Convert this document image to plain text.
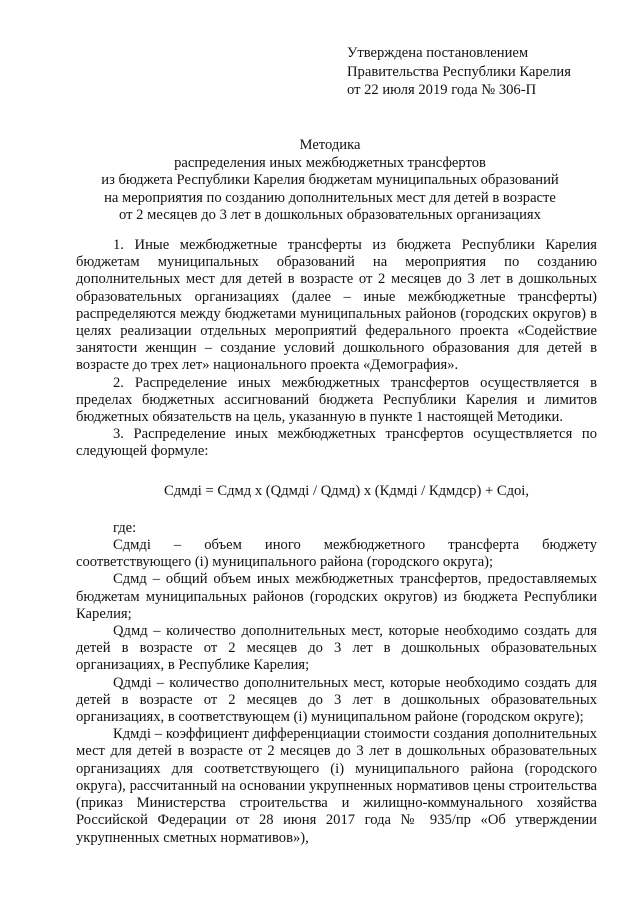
Утверждена постановлением
Правительства Республики Карелия
от 22 июля 2019 года № 306-П
Методика
распределения иных межбюджетных трансфертов
из бюджета Республики Карелия бюджетам муниципальных образований
на мероприятия по созданию дополнительных мест для детей в возрасте
от 2 месяцев до 3 лет в дошкольных образовательных организациях

1. Иные межбюджетные трансферты из бюджета Республики Карелия бюджетам муниципальных образований на мероприятия по созданию дополнительных мест для детей в возрасте от 2 месяцев до 3 лет в дошкольных образовательных организациях (далее – иные межбюджетные трансферты) распределяются между бюджетами муниципальных районов (городских округов) в целях реализации отдельных мероприятий федерального проекта «Содействие занятости женщин – создание условий дошкольного образования для детей в возрасте до трех лет» национального проекта «Демография».

2. Распределение иных межбюджетных трансфертов осуществляется в пределах бюджетных ассигнований бюджета Республики Карелия и лимитов бюджетных обязательств на цель, указанную в пункте 1 настоящей Методики.

3. Распределение иных межбюджетных трансфертов осуществляется по следующей формуле:

Сдмдi = Сдмд x (Qдмдi / Qдмд) x (Кдмдi / Кдмдср) + Сдоi,

где:

Сдмдi – объем иного межбюджетного трансферта бюджету соответствующего (i) муниципального района (городского округа);

Сдмд – общий объем иных межбюджетных трансфертов, предоставляемых бюджетам муниципальных районов (городских округов) из бюджета Республики Карелия;

Qдмд – количество дополнительных мест, которые необходимо создать для детей в возрасте от 2 месяцев до 3 лет в дошкольных образовательных организациях, в Республике Карелия;

Qдмдi – количество дополнительных мест, которые необходимо создать для детей в возрасте от 2 месяцев до 3 лет в дошкольных образовательных организациях, в соответствующем (i) муниципальном районе (городском округе);

Кдмдi – коэффициент дифференциации стоимости создания дополнительных мест для детей в возрасте от 2 месяцев до 3 лет в дошкольных образовательных организациях для соответствующего (i) муниципального района (городского округа), рассчитанный на основании укрупненных нормативов цены строительства (приказ Министерства строительства и жилищно-коммунального хозяйства Российской Федерации от 28 июня 2017 года № 935/пр «Об утверждении укрупненных сметных нормативов»),
